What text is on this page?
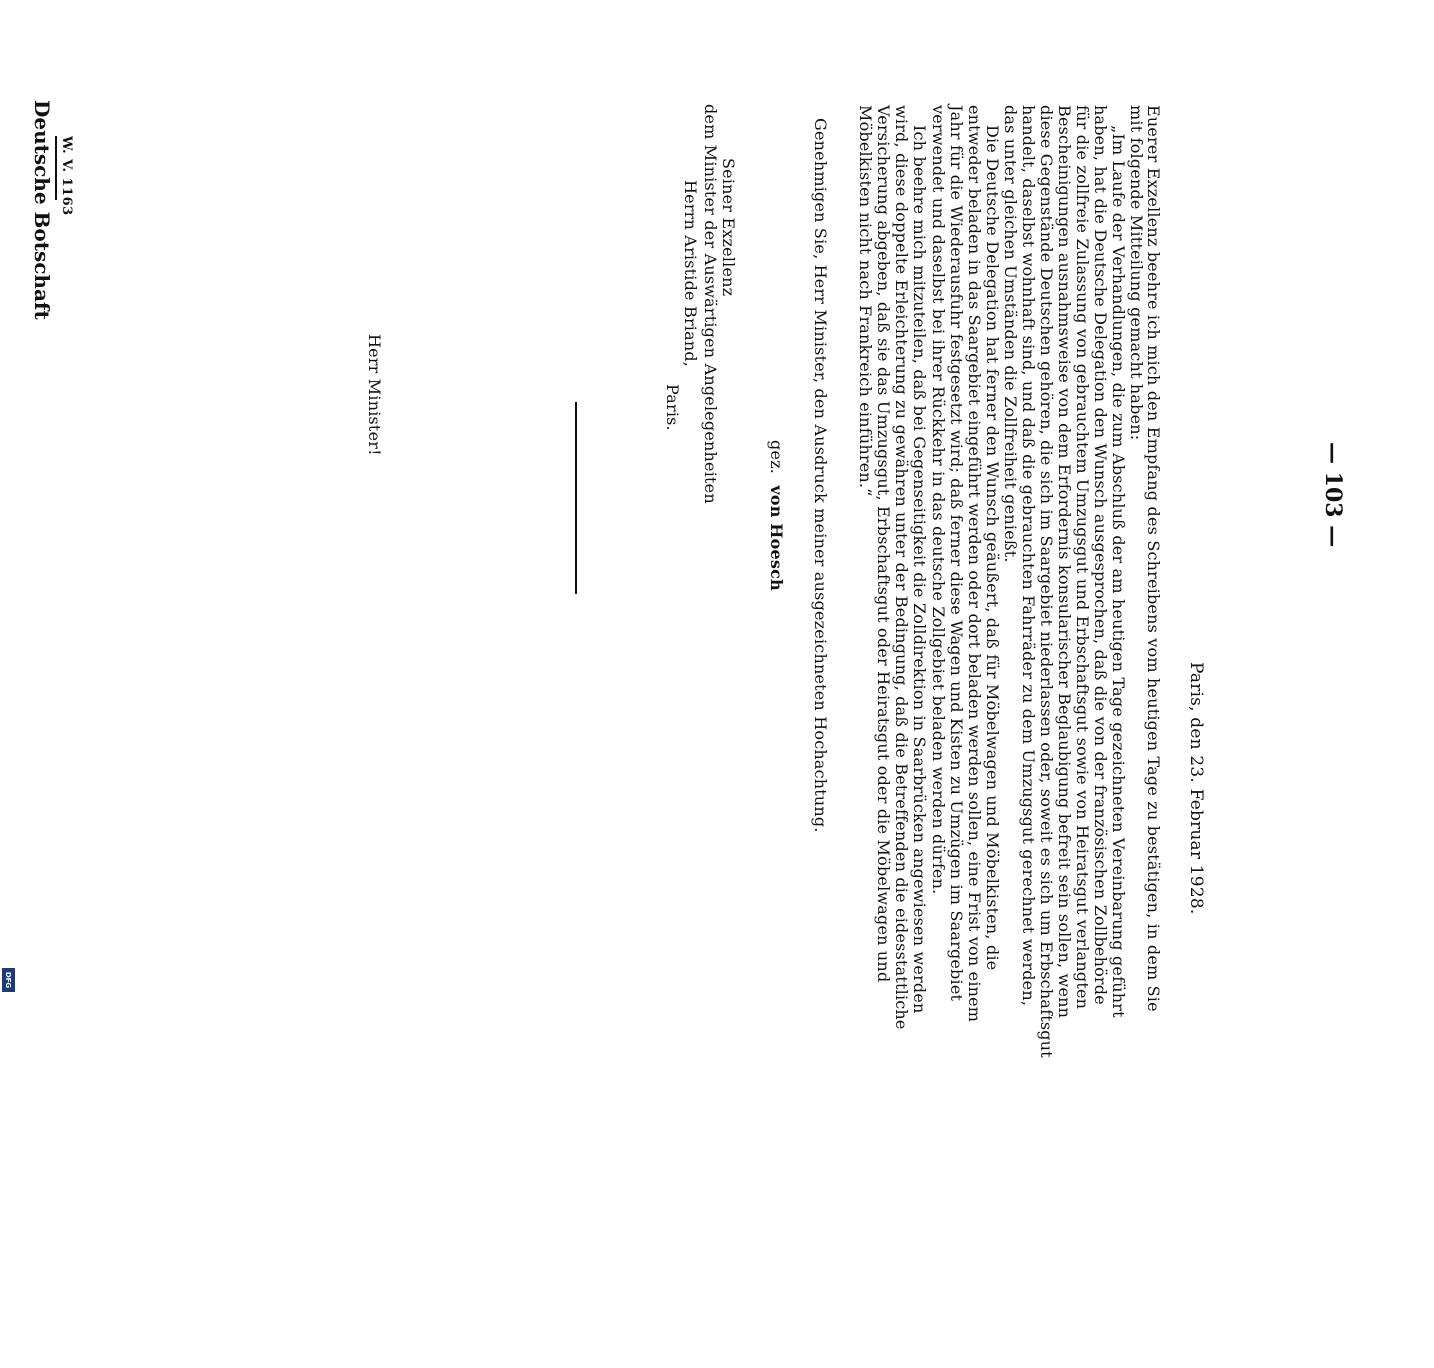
— 103 —
Deutsche Botschaft W. V. 1163
Paris, den 23. Februar 1928.
Herr Minister!	Euerer Exzellenz beehre ich mich den Empfang des Schreibens vom heutigen Tage zu bestätigen, in dem Sie
mit folgende Mitteilung gemacht haben:
„Im Laufe der Verhandlungen, die zum Abschluß der am heutigen Tage gezeichneten Vereinbarung geführt
haben, hat die Deutsche Delegation den Wunsch ausgesprochen, daß die von der französischen Zollbehörde
für die zollfreie Zulassung von gebrauchtem Umzugsgut und Erbschaftsgut sowie von Heiratsgut verlangten
Bescheinigungen ausnahmsweise von dem Erfordernis konsularischer Beglaubigung befreit sein sollen, wenn
diese Gegenstände Deutschen gehören, die sich im Saargebiet niederlassen oder, soweit es sich um Erbschaftsgut
handelt, daselbst wohnhaft sind, und daß die gebrauchten Fahrräder zu dem Umzugsgut gerechnet werden,
das unter gleichen Umständen die Zollfreiheit genießt.
Die Deutsche Delegation hat ferner den Wunsch geäußert, daß für Möbelwagen und Möbelkisten, die
entweder beladen in das Saargebiet eingeführt werden oder dort beladen werden sollen, eine Frist von einem
Jahr für die Wiederausfuhr festgesetzt wird; daß ferner diese Wagen und Kisten zu Umzügen im Saargebiet
verwendet und daselbst bei ihrer Rückkehr in das deutsche Zollgebiet beladen werden dürfen.
Ich beehre mich mitzuteilen, daß bei Gegenseitigkeit die Zolldirektion in Saarbrücken angewiesen werden
wird, diese doppelte Erleichterung zu gewähren unter der Bedingung, daß die Betreffenden die eidesstattliche
Versicherung abgeben, daß sie das Umzugsgut, Erbschaftsgut oder Heiratsgut oder die Möbelwagen und
Möbelkisten nicht nach Frankreich einführen.“
Genehmigen Sie, Herr Minister, den Ausdruck meiner ausgezeichneten Hochachtung.
gez. von Hoesch
Seiner Exzellenz
dem Minister der Auswärtigen Angelegenheiten
Herrn Aristide Briand,
Paris.
DFG
